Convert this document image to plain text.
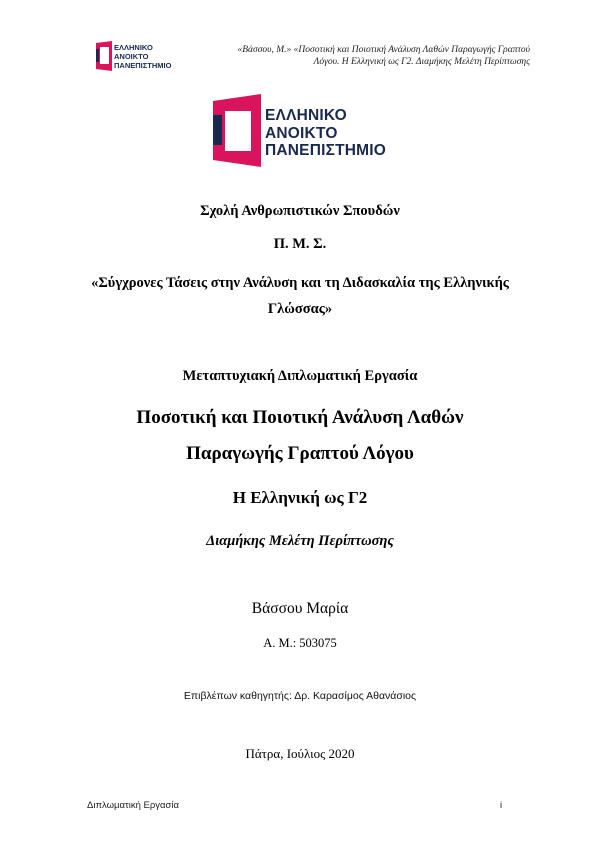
ΕΛΛΗΝΙΚΟ
ΑΝΟΙΚΤΟ
ΠΑΝΕΠΙΣΤΗΜΙΟ
«Βάσσου, Μ.» «Ποσοτική και Ποιοτική Ανάλυση Λαθών Παραγωγής Γραπτού
Λόγου. Η Ελληνική ως Γ2. Διαμήκης Μελέτη Περίπτωσης
ΕΛΛΗΝΙΚΟ
ΑΝΟΙΚΤΟ
ΠΑΝΕΠΙΣΤΗΜΙΟ
Σχολή Ανθρωπιστικών Σπουδών
Π. Μ. Σ.
«Σύγχρονες Τάσεις στην Ανάλυση και τη Διδασκαλία της Ελληνικής Γλώσσας»
Μεταπτυχιακή Διπλωματική Εργασία
Ποσοτική και Ποιοτική Ανάλυση Λαθών Παραγωγής Γραπτού Λόγου
Η Ελληνική ως Γ2
Διαμήκης Μελέτη Περίπτωσης
Βάσσου Μαρία
Α. Μ.: 503075
Επιβλέπων καθηγητής: Δρ. Καρασίμος Αθανάσιος
Πάτρα, Ιούλιος 2020
Διπλωματική Εργασία	i
